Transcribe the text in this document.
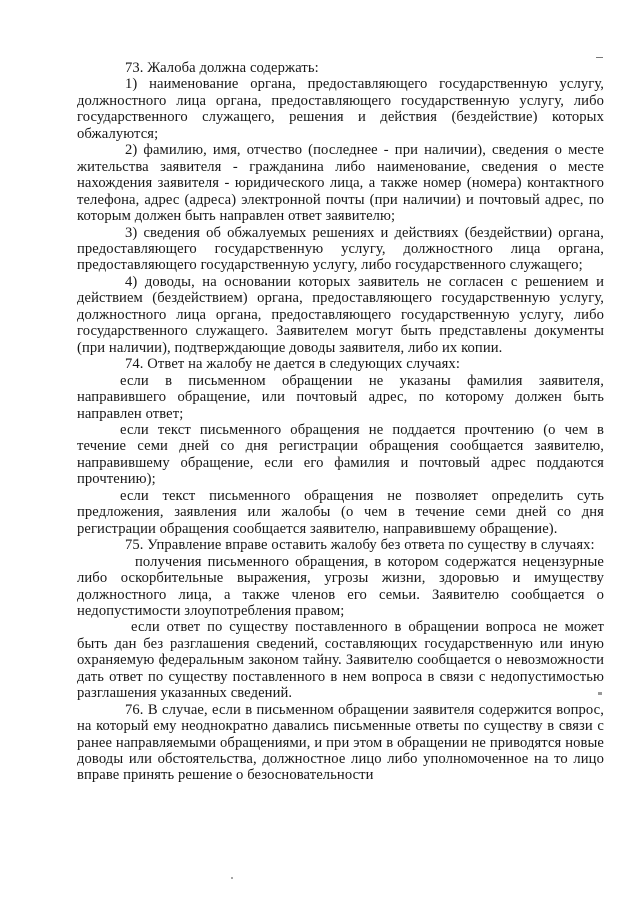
73. Жалоба должна содержать:

1) наименование органа, предоставляющего государственную услугу, должностного лица органа, предоставляющего государственную услугу, либо государственного служащего, решения и действия (бездействие) которых обжалуются;

2) фамилию, имя, отчество (последнее - при наличии), сведения о месте жительства заявителя - гражданина либо наименование, сведения о месте нахождения заявителя - юридического лица, а также номер (номера) контактного телефона, адрес (адреса) электронной почты (при наличии) и почтовый адрес, по которым должен быть направлен ответ заявителю;

3) сведения об обжалуемых решениях и действиях (бездействии) органа, предоставляющего государственную услугу, должностного лица органа, предоставляющего государственную услугу, либо государственного служащего;

4) доводы, на основании которых заявитель не согласен с решением и действием (бездействием) органа, предоставляющего государственную услугу, должностного лица органа, предоставляющего государственную услугу, либо государственного служащего. Заявителем могут быть представлены документы (при наличии), подтверждающие доводы заявителя, либо их копии.

74. Ответ на жалобу не дается в следующих случаях:

если в письменном обращении не указаны фамилия заявителя, направившего обращение, или почтовый адрес, по которому должен быть направлен ответ;

если текст письменного обращения не поддается прочтению (о чем в течение семи дней со дня регистрации обращения сообщается заявителю, направившему обращение, если его фамилия и почтовый адрес поддаются прочтению);

если текст письменного обращения не позволяет определить суть предложения, заявления или жалобы (о чем в течение семи дней со дня регистрации обращения сообщается заявителю, направившему обращение).

75. Управление вправе оставить жалобу без ответа по существу в случаях:

получения письменного обращения, в котором содержатся нецензурные либо оскорбительные выражения, угрозы жизни, здоровью и имуществу должностного лица, а также членов его семьи. Заявителю сообщается о недопустимости злоупотребления правом;

если ответ по существу поставленного в обращении вопроса не может быть дан без разглашения сведений, составляющих государственную или иную охраняемую федеральным законом тайну. Заявителю сообщается о невозможности дать ответ по существу поставленного в нем вопроса в связи с недопустимостью разглашения указанных сведений.

76. В случае, если в письменном обращении заявителя содержится вопрос, на который ему неоднократно давались письменные ответы по существу в связи с ранее направляемыми обращениями, и при этом в обращении не приводятся новые доводы или обстоятельства, должностное лицо либо уполномоченное на то лицо вправе принять решение о безосновательности
